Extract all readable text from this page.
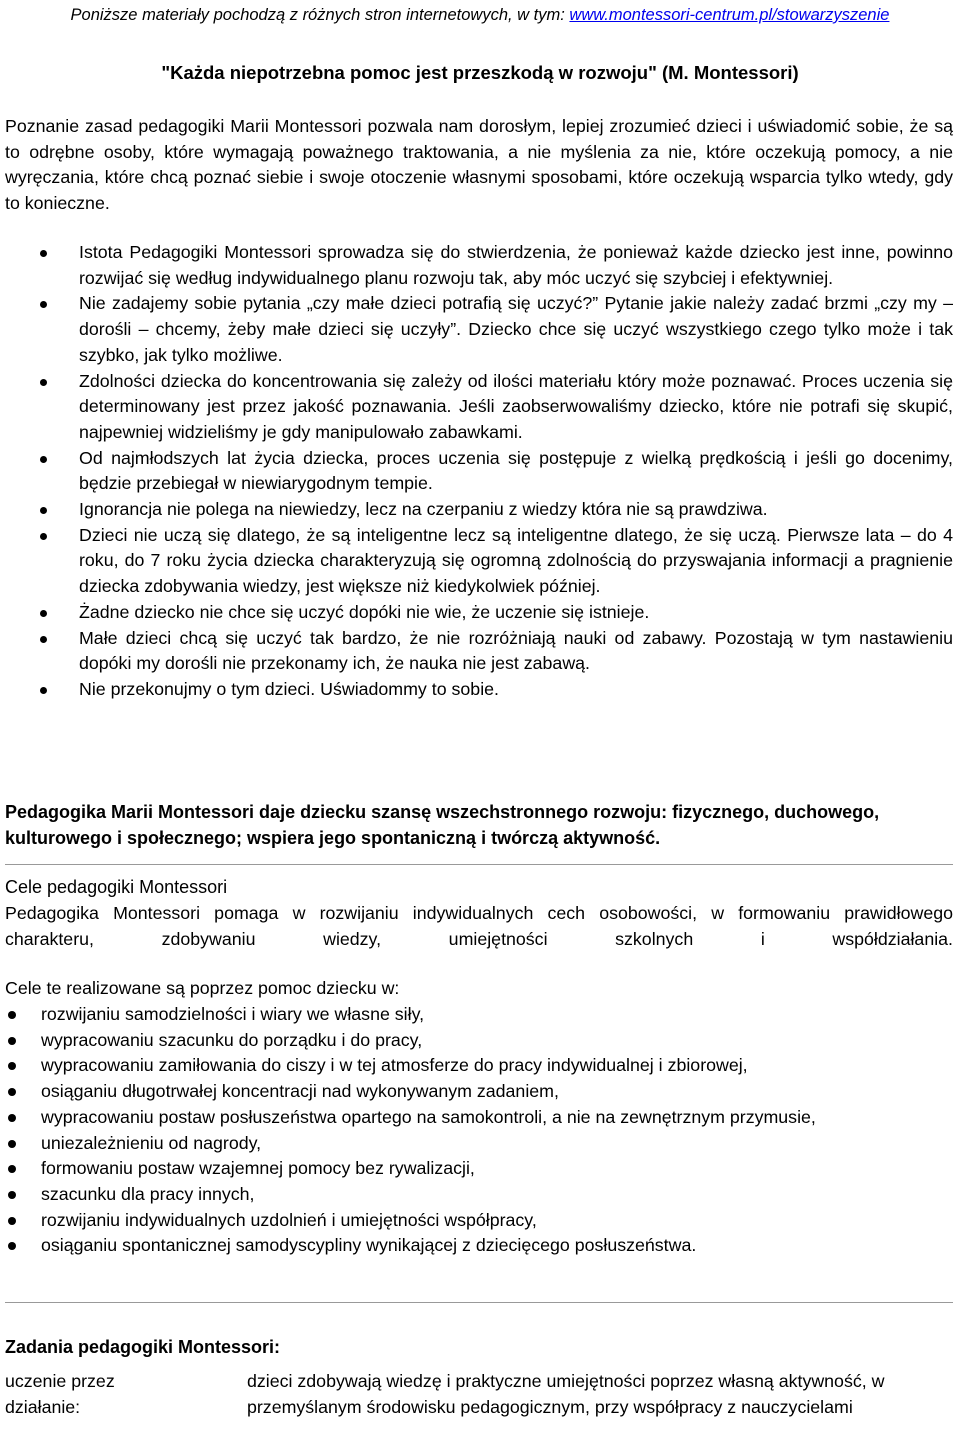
Poniższe materiały pochodzą z różnych stron internetowych, w tym: www.montessori-centrum.pl/stowarzyszenie
"Każda niepotrzebna pomoc jest przeszkodą w rozwoju" (M. Montessori)
Poznanie zasad pedagogiki Marii Montessori pozwala nam dorosłym, lepiej zrozumieć dzieci i uświadomić sobie, że są to odrębne osoby, które wymagają poważnego traktowania, a nie myślenia za nie, które oczekują pomocy, a nie wyręczania, które chcą poznać siebie i swoje otoczenie własnymi sposobami, które oczekują wsparcia tylko wtedy, gdy to konieczne.
Istota Pedagogiki Montessori sprowadza się do stwierdzenia, że ponieważ każde dziecko jest inne, powinno rozwijać się według indywidualnego planu rozwoju tak, aby móc uczyć się szybciej i efektywniej.
Nie zadajemy sobie pytania „czy małe dzieci potrafią się uczyć?” Pytanie jakie należy zadać brzmi „czy my – dorośli – chcemy, żeby małe dzieci się uczyły”. Dziecko chce się uczyć wszystkiego czego tylko może i tak szybko, jak tylko możliwe.
Zdolności dziecka do koncentrowania się zależy od ilości materiału który może poznawać. Proces uczenia się determinowany jest przez jakość poznawania. Jeśli zaobserwowaliśmy dziecko, które nie potrafi się skupić, najpewniej widzieliśmy je gdy manipulowało zabawkami.
Od najmłodszych lat życia dziecka, proces uczenia się postępuje z wielką prędkością i jeśli go docenimy, będzie przebiegał w niewiarygodnym tempie.
Ignorancja nie polega na niewiedzy, lecz na czerpaniu z wiedzy która nie są prawdziwa.
Dzieci nie uczą się dlatego, że są inteligentne lecz są inteligentne dlatego, że się uczą. Pierwsze lata – do 4 roku, do 7 roku życia dziecka charakteryzują się ogromną zdolnością do przyswajania informacji a pragnienie dziecka zdobywania wiedzy, jest większe niż kiedykolwiek później.
Żadne dziecko nie chce się uczyć dopóki nie wie, że uczenie się istnieje.
Małe dzieci chcą się uczyć tak bardzo, że nie rozróżniają nauki od zabawy. Pozostają w tym nastawieniu dopóki my dorośli nie przekonamy ich, że nauka nie jest zabawą.
Nie przekonujmy o tym dzieci. Uświadommy to sobie.
Pedagogika Marii Montessori daje dziecku szansę wszechstronnego rozwoju: fizycznego, duchowego, kulturowego i społecznego; wspiera jego spontaniczną i twórczą aktywność.
Cele pedagogiki Montessori
Pedagogika Montessori pomaga w rozwijaniu indywidualnych cech osobowości, w formowaniu prawidłowego charakteru, zdobywaniu wiedzy, umiejętności szkolnych i współdziałania.
Cele te realizowane są poprzez pomoc dziecku w:
rozwijaniu samodzielności i wiary we własne siły,
wypracowaniu szacunku do porządku i do pracy,
wypracowaniu zamiłowania do ciszy i w tej atmosferze do pracy indywidualnej i zbiorowej,
osiąganiu długotrwałej koncentracji nad wykonywanym zadaniem,
wypracowaniu postaw posłuszeństwa opartego na samokontroli, a nie na zewnętrznym przymusie,
uniezależnieniu od nagrody,
formowaniu postaw wzajemnej pomocy bez rywalizacji,
szacunku dla pracy innych,
rozwijaniu indywidualnych uzdolnień i umiejętności współpracy,
osiąganiu spontanicznej samodyscypliny wynikającej z dziecięcego posłuszeństwa.
Zadania pedagogiki Montessori:
uczenie przez działanie:
dzieci zdobywają wiedzę i praktyczne umiejętności poprzez własną aktywność, w przemyślanym środowisku pedagogicznym, przy współpracy z nauczycielami
